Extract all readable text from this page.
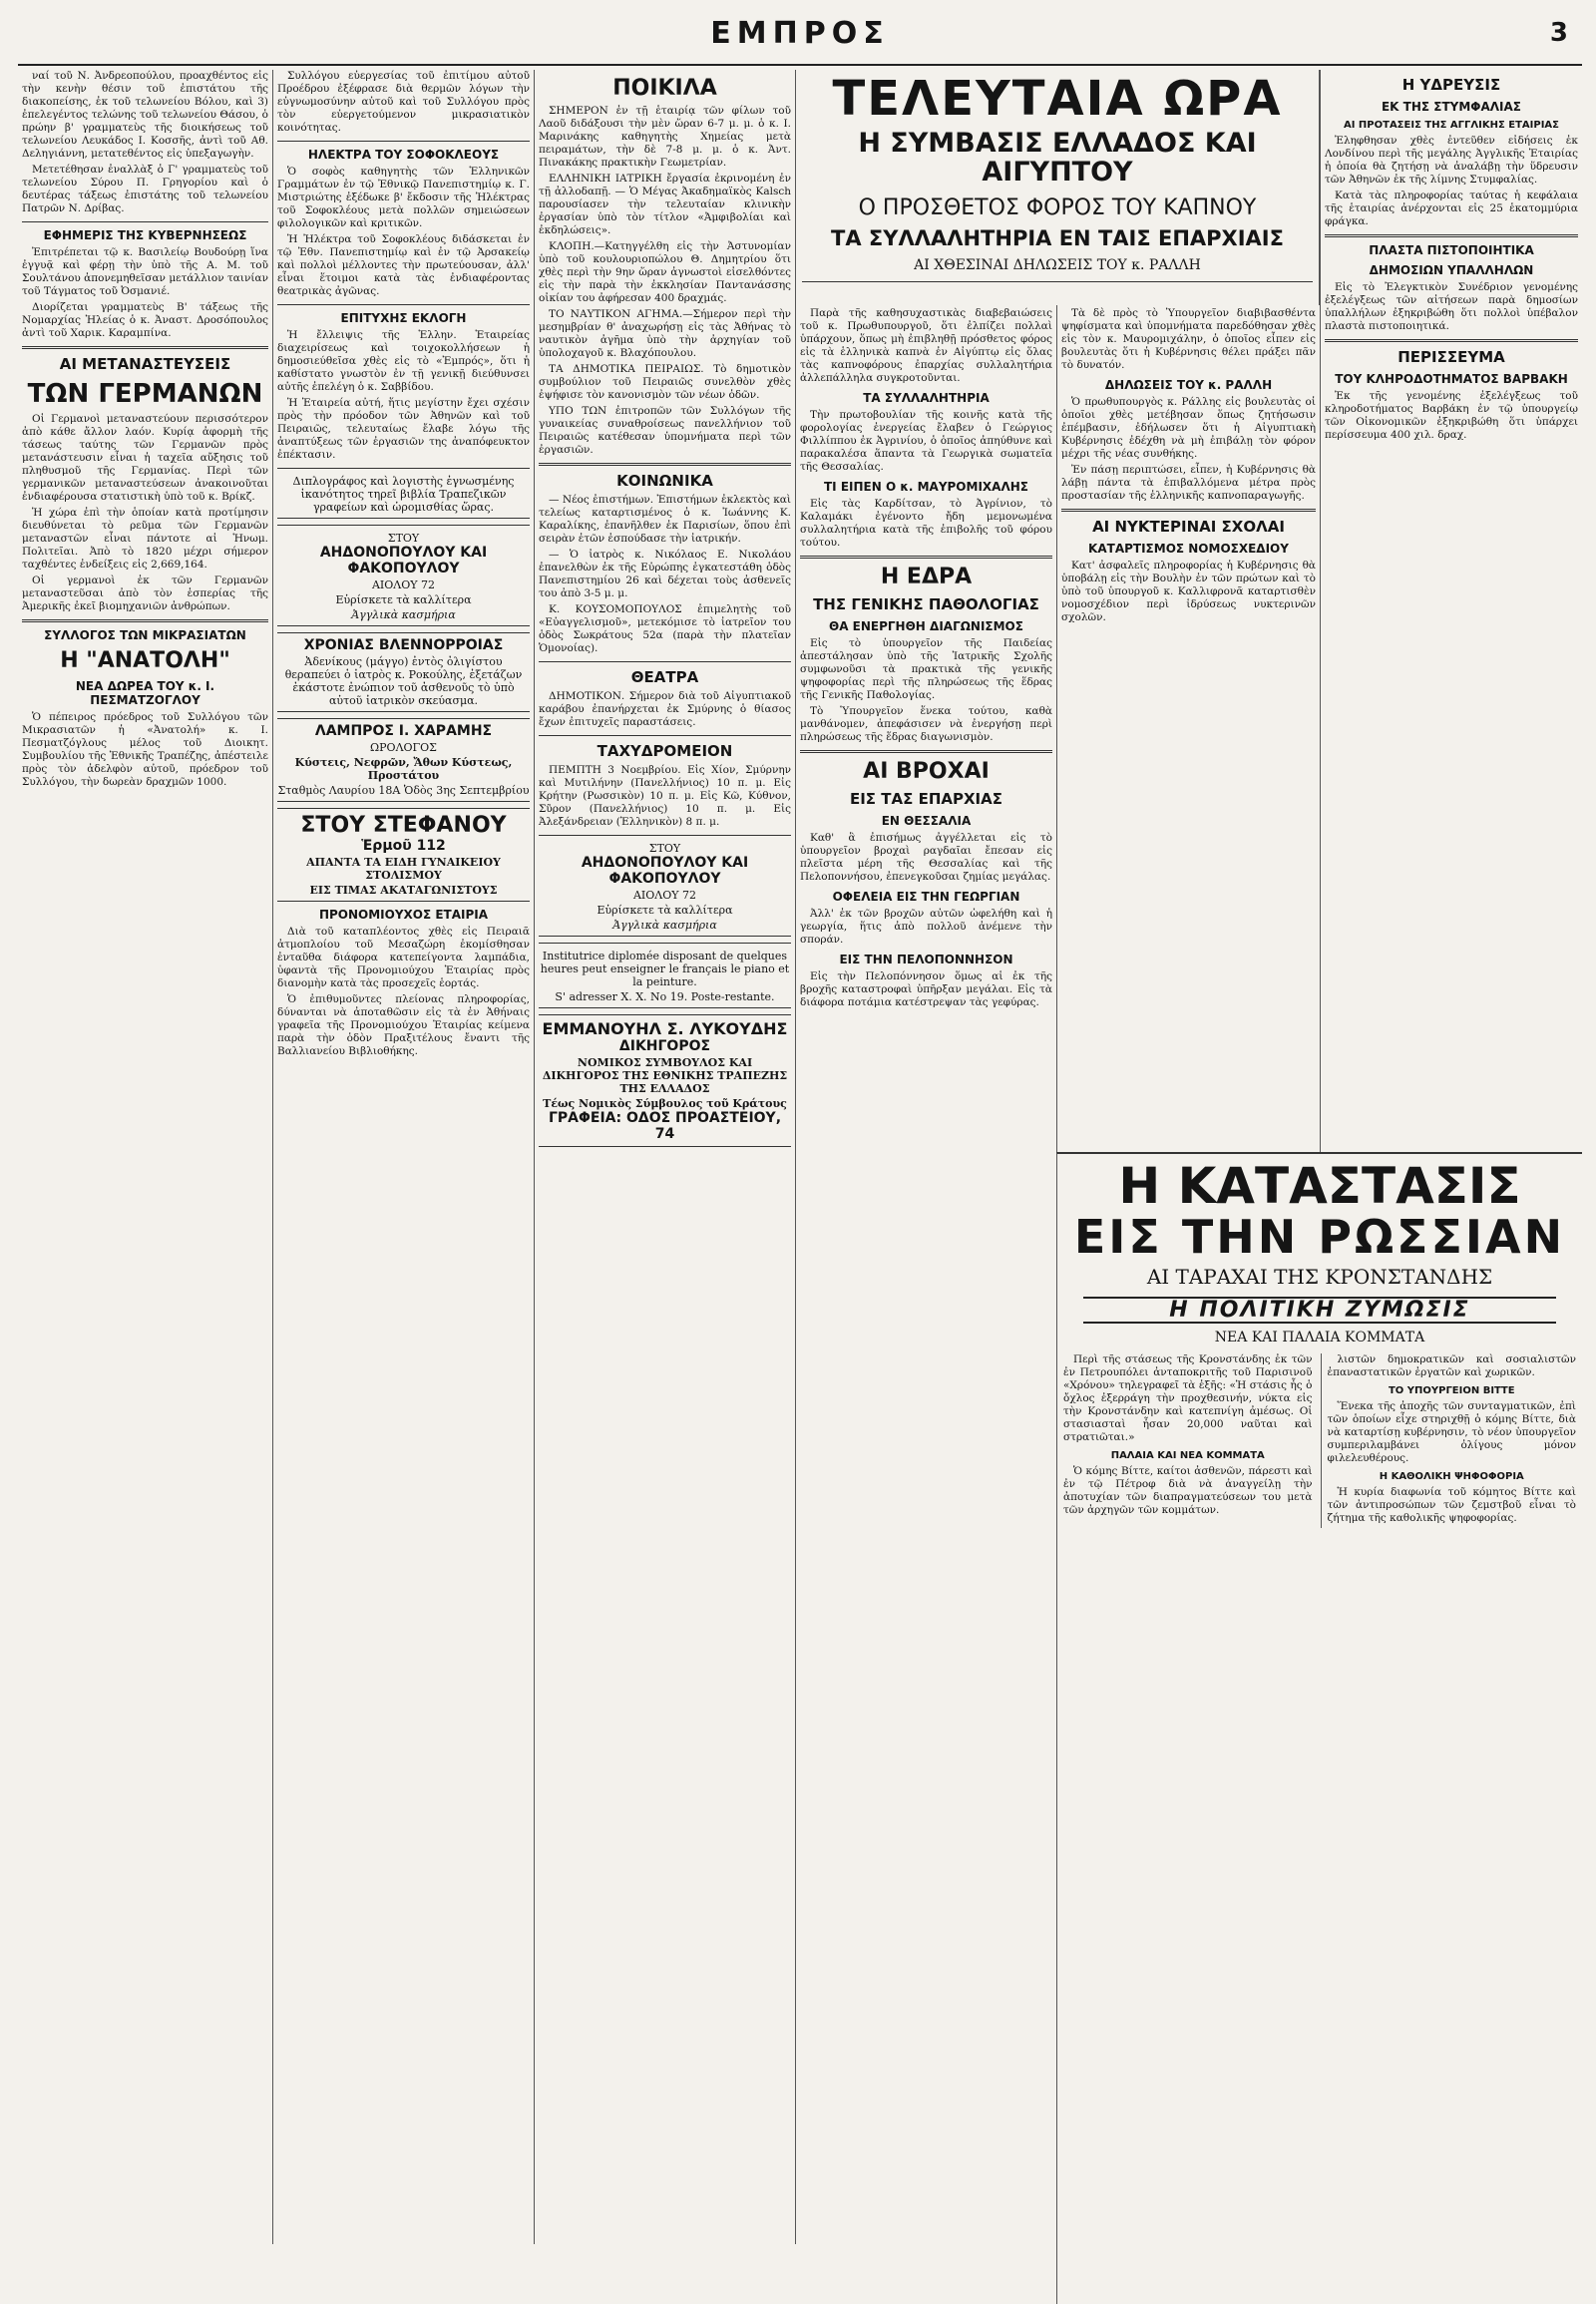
ΕΜΠΡΟΣ	3

ναί τοῦ Ν. Ἀνδρεοπούλου, προαχθέντος εἰς τὴν κενὴν θέσιν τοῦ ἐπιστάτου τῆς διακοπείσης, ἐκ τοῦ τελωνείου Βόλου, καὶ 3) ἐπελεγέντος τελώνης τοῦ τελωνείου Θάσου, ὁ πρώην β' γραμματεὺς τῆς διοικήσεως τοῦ τελωνείου Λευκάδος Ι. Κοσσῆς, ἀντὶ τοῦ Αθ. Δεληγιάννη, μετατεθέντος εἰς ὑπεξαγωγὴν.

Μετετέθησαν ἐναλλὰξ ὁ Γ' γραμματεὺς τοῦ τελωνείου Σύρου Π. Γρηγορίου καὶ ὁ δευτέρας τάξεως ἐπιστάτης τοῦ τελωνείου Πατρῶν Ν. Δρίβας.

ΕΦΗΜΕΡΙΣ ΤΗΣ ΚΥΒΕΡΝΗΣΕΩΣ

Ἐπιτρέπεται τῷ κ. Βασιλείῳ Βουδούρῃ ἵνα ἐγγυᾷ καὶ φέρῃ τὴν ὑπὸ τῆς Α. Μ. τοῦ Σουλτάνου ἀπονεμηθεῖσαν μετάλλιον ταινίαν τοῦ Τάγματος τοῦ Ὀσμανιέ.

Διορίζεται γραμματεὺς Β' τάξεως τῆς Νομαρχίας Ἠλείας ὁ κ. Ἀναστ. Δροσόπουλος ἀντὶ τοῦ Χαρικ. Καραμπίνα.

ΑΙ ΜΕΤΑΝΑΣΤΕΥΣΕΙΣ
ΤΩΝ ΓΕΡΜΑΝΩΝ

Οἱ Γερμανοὶ μεταναστεύουν περισσότερον ἀπὸ κάθε ἄλλον λαόν. Κυρίᾳ ἀφορμὴ τῆς τάσεως ταύτης τῶν Γερμανῶν πρὸς μετανάστευσιν εἶναι ἡ ταχεῖα αὔξησις τοῦ πληθυσμοῦ τῆς Γερμανίας. Περὶ τῶν γερμανικῶν μεταναστεύσεων ἀνακοινοῦται ἐνδιαφέρουσα στατιστικὴ ὑπὸ τοῦ κ. Βρίκζ.

Ἡ χώρα ἐπὶ τὴν ὁποίαν κατὰ προτίμησιν διευθύνεται τὸ ρεῦμα τῶν Γερμανῶν μεταναστῶν εἶναι πάντοτε αἱ Ἡνωμ. Πολιτεῖαι. Ἀπὸ τὸ 1820 μέχρι σήμερον ταχθέντες ἐνδείξεις εἰς 2,669,164.

Οἱ γερμανοὶ ἐκ τῶν Γερμανῶν μεταναστεῦσαι ἀπὸ τὸν ἑσπερίας τῆς Ἀμερικῆς ἐκεῖ βιομηχανιῶν ἀνθρώπων.

ΣΥΛΛΟΓΟΣ ΤΩΝ ΜΙΚΡΑΣΙΑΤΩΝ
Η "ΑΝΑΤΟΛΗ"
ΝΕΑ ΔΩΡΕΑ ΤΟΥ κ. Ι. ΠΕΣΜΑΤΖΟΓΛΟΥ

Ὁ πέπειρος πρόεδρος τοῦ Συλλόγου τῶν Μικρασιατῶν ἡ «Ἀνατολή» κ. Ι. Πεσματζόγλους μέλος τοῦ Διοικητ. Συμβουλίου τῆς Ἐθνικῆς Τραπέζης, ἀπέστειλε πρὸς τὸν ἀδελφὸν αὐτοῦ, πρόεδρον τοῦ Συλλόγου, τὴν δωρεὰν δραχμῶν 1000.

Συλλόγου εὐεργεσίας τοῦ ἐπιτίμου αὐτοῦ Προέδρου ἐξέφρασε διὰ θερμῶν λόγων τὴν εὐγνωμοσύνην αὐτοῦ καὶ τοῦ Συλλόγου πρὸς τὸν εὐεργετούμενον μικρασιατικὸν κοινότητας.

ΗΛΕΚΤΡΑ ΤΟΥ ΣΟΦΟΚΛΕΟΥΣ

Ὁ σοφὸς καθηγητὴς τῶν Ἑλληνικῶν Γραμμάτων ἐν τῷ Ἐθνικῷ Πανεπιστημίῳ κ. Γ. Μιστριώτης ἐξέδωκε β' ἔκδοσιν τῆς Ἠλέκτρας τοῦ Σοφοκλέους μετὰ πολλῶν σημειώσεων φιλολογικῶν καὶ κριτικῶν.

Ἡ Ἠλέκτρα τοῦ Σοφοκλέους διδάσκεται ἐν τῷ Ἐθν. Πανεπιστημίῳ καὶ ἐν τῷ Ἀρσακείῳ καὶ πολλοὶ μέλλοντες τὴν πρωτεύουσαν, ἀλλ' εἶναι ἕτοιμοι κατὰ τὰς ἐνδιαφέροντας θεατρικὰς ἀγῶνας.

ΕΠΙΤΥΧΗΣ ΕΚΛΟΓΗ

Ἡ ἔλλειψις τῆς Ἑλλην. Ἑταιρείας διαχειρίσεως καὶ τοιχοκολλήσεων ἡ δημοσιεύθεῖσα χθὲς εἰς τὸ «Ἐμπρός», ὅτι ἡ καθίστατο γνωστὸν ἐν τῇ γενικῇ διεύθυνσει αὐτῆς ἐπελέγη ὁ κ. Σαββίδου.

Ἡ Ἑταιρεία αὐτή, ἥτις μεγίστην ἔχει σχέσιν πρὸς τὴν πρόοδον τῶν Ἀθηνῶν καὶ τοῦ Πειραιῶς, τελευταίως ἔλαβε λόγω τῆς ἀναπτύξεως τῶν ἐργασιῶν της ἀναπόφευκτον ἐπέκτασιν.

Διπλογράφος καὶ λογιστὴς ἐγνωσμένης ἱκανότητος τηρεῖ βιβλία Τραπεζικῶν γραφείων καὶ ὡρομισθίας ὥρας.
ΣΤΟΥ
ΑΗΔΟΝΟΠΟΥΛΟΥ ΚΑΙ ΦΑΚΟΠΟΥΛΟΥ
ΑΙΟΛΟΥ 72
Εὑρίσκετε τὰ καλλίτερα
Ἀγγλικὰ κασμήρια
ΧΡΟΝΙΑΣ ΒΛΕΝΝΟΡΡΟΙΑΣ
Ἀδενίκους (μάγγο) ἐντὸς ὀλιγίστου θεραπεύει ὁ ἰατρὸς κ. Ροκούλης, ἐξετάζων ἐκάστοτε ἐνώπιον τοῦ ἀσθενοῦς τὸ ὑπὸ αὐτοῦ ἰατρικὸν σκεύασμα.
ΛΑΜΠΡΟΣ Ι. ΧΑΡΑΜΗΣ
ΩΡΟΛΟΓΟΣ
Κύστεις, Νεφρῶν, Ἄθων Κύστεως, Προστάτου
Σταθμὸς Λαυρίου 18Α Ὁδὸς 3ης Σεπτεμβρίου
ΣΤΟΥ ΣΤΕΦΑΝΟΥ
Ἑρμοῦ 112
ΑΠΑΝΤΑ ΤΑ ΕΙΔΗ ΓΥΝΑΙΚΕΙΟΥ ΣΤΟΛΙΣΜΟΥ
ΕΙΣ ΤΙΜΑΣ ΑΚΑΤΑΓΩΝΙΣΤΟΥΣ
ΠΡΟΝΟΜΙΟΥΧΟΣ ΕΤΑΙΡΙΑ

Διὰ τοῦ καταπλέοντος χθὲς εἰς Πειραιᾶ ἀτμοπλοίου τοῦ Μεσαζώρη ἐκομίσθησαν ἐνταῦθα διάφορα κατεπείγοντα λαμπάδια, ὑφαντὰ τῆς Προνομιούχου Ἑταιρίας πρὸς διανομὴν κατὰ τὰς προσεχεῖς ἑορτάς.

Ὁ ἐπιθυμοῦντες πλείονας πληροφορίας, δύνανται νὰ ἀποταθῶσιν εἰς τὰ ἐν Ἀθήναις γραφεῖα τῆς Προνομιούχου Ἑταιρίας κείμενα παρὰ τὴν ὁδὸν Πραξιτέλους ἔναντι τῆς Βαλλιανείου Βιβλιοθήκης.

ΠΟΙΚΙΛΑ

ΣΗΜΕΡΟΝ ἐν τῇ ἑταιρίᾳ τῶν φίλων τοῦ Λαοῦ διδάξουσι τὴν μὲν ὥραν 6-7 μ. μ. ὁ κ. Ι. Μαρινάκης καθηγητὴς Χημείας μετὰ πειραμάτων, τὴν δὲ 7-8 μ. μ. ὁ κ. Ἀντ. Πινακάκης πρακτικὴν Γεωμετρίαν.

ΕΛΛΗΝΙΚΗ ΙΑΤΡΙΚΗ ἔργασία ἐκρινομένη ἐν τῇ ἀλλοδαπῇ. — Ὁ Μέγας Ἀκαδημαϊκὸς Kalsch παρουσίασεν τὴν τελευταίαν κλινικὴν ἐργασίαν ὑπὸ τὸν τίτλον «Ἀμφιβολίαι καὶ ἐκδηλώσεις».

ΚΛΟΠΗ.—Κατηγγέλθη εἰς τὴν Ἀστυνομίαν ὑπὸ τοῦ κουλουριοπώλου Θ. Δημητρίου ὅτι χθὲς περὶ τὴν 9ην ὥραν ἀγνωστοὶ εἰσελθόντες εἰς τὴν παρὰ τὴν ἐκκλησίαν Παντανάσσης οἰκίαν του ἀφήρεσαν 400 δραχμάς.

ΤΟ ΝΑΥΤΙΚΟΝ ΑΓΗΜΑ.—Σήμερον περὶ τὴν μεσημβρίαν θ' ἀναχωρήσῃ εἰς τὰς Ἀθήνας τὸ ναυτικὸν ἀγῆμα ὑπὸ τὴν ἀρχηγίαν τοῦ ὑπολοχαγοῦ κ. Βλαχόπουλου.

ΤΑ ΔΗΜΟΤΙΚΑ ΠΕΙΡΑΙΩΣ. Τὸ δημοτικὸν συμβούλιον τοῦ Πειραιῶς συνελθὸν χθὲς ἐψήφισε τὸν κανονισμὸν τῶν νέων ὁδῶν.

ΥΠΟ ΤΩΝ ἐπιτροπῶν τῶν Συλλόγων τῆς γυναικείας συναθροίσεως πανελλήνιον τοῦ Πειραιῶς κατέθεσαν ὑπομνήματα περὶ τῶν ἐργασιῶν.

ΚΟΙΝΩΝΙΚΑ

— Νέος ἐπιστήμων. Ἐπιστήμων ἐκλεκτὸς καὶ τελείως καταρτισμένος ὁ κ. Ἰωάννης Κ. Καραλίκης, ἐπανῆλθεν ἐκ Παρισίων, ὅπου ἐπὶ σειρὰν ἐτῶν ἐσπούδασε τὴν ἰατρικήν.

— Ὁ ἰατρὸς κ. Νικόλαος Ε. Νικολάου ἐπανελθὼν ἐκ τῆς Εὐρώπης ἐγκατεστάθη ὁδὸς Πανεπιστημίου 26 καὶ δέχεται τοὺς ἀσθενεῖς του ἀπὸ 3-5 μ. μ.

Κ. ΚΟΥΣΟΜΟΠΟΥΛΟΣ ἐπιμελητὴς τοῦ «Εὐαγγελισμοῦ», μετεκόμισε τὸ ἰατρεῖον του ὁδὸς Σωκράτους 52α (παρὰ τὴν πλατεῖαν Ὁμονοίας).

ΘΕΑΤΡΑ

ΔΗΜΟΤΙΚΟΝ. Σήμερον διὰ τοῦ Αἰγυπτιακοῦ καράβου ἐπανήρχεται ἐκ Σμύρνης ὁ θίασος ἔχων ἐπιτυχεῖς παραστάσεις.

ΤΑΧΥΔΡΟΜΕΙΟΝ

ΠΕΜΠΤΗ 3 Νοεμβρίου. Εἰς Χίον, Σμύρνην καὶ Μυτιλήνην (Πανελλήνιος) 10 π. μ. Εἰς Κρήτην (Ρωσσικὸν) 10 π. μ. Εἰς Κῶ, Κύθνον, Σῦρον (Πανελλήνιος) 10 π. μ. Εἰς Ἀλεξάνδρειαν (Ἑλληνικὸν) 8 π. μ.

ΣΤΟΥ
ΑΗΔΟΝΟΠΟΥΛΟΥ ΚΑΙ ΦΑΚΟΠΟΥΛΟΥ
ΑΙΟΛΟΥ 72
Εὑρίσκετε τὰ καλλίτερα
Ἀγγλικὰ κασμήρια
Institutrice diplomée disposant de quelques heures peut enseigner le français le piano et la peinture.
S' adresser X. X. No 19. Poste-restante.
ΕΜΜΑΝΟΥΗΛ Σ. ΛΥΚΟΥΔΗΣ
ΔΙΚΗΓΟΡΟΣ
ΝΟΜΙΚΟΣ ΣΥΜΒΟΥΛΟΣ ΚΑΙ ΔΙΚΗΓΟΡΟΣ ΤΗΣ ΕΘΝΙΚΗΣ ΤΡΑΠΕΖΗΣ ΤΗΣ ΕΛΛΑΔΟΣ
Τέως Νομικὸς Σύμβουλος τοῦ Κράτους
ΓΡΑΦΕΙΑ: ΟΔΟΣ ΠΡΟΑΣΤΕΙΟΥ, 74

Παρὰ τῆς καθησυχαστικὰς διαβεβαιώσεις τοῦ κ. Πρωθυπουργοῦ, ὅτι ἐλπίζει πολλαὶ ὑπάρχουν, ὅπως μὴ ἐπιβληθῇ πρόσθετος φόρος εἰς τὰ ἑλληνικὰ καπνὰ ἐν Αἰγύπτῳ εἰς ὅλας τὰς καπνοφόρους ἐπαρχίας συλλαλητήρια ἀλλεπάλληλα συγκροτοῦνται.

ΤΑ ΣΥΛΛΑΛΗΤΗΡΙΑ

Τὴν πρωτοβουλίαν τῆς κοινῆς κατὰ τῆς φορολογίας ἐνεργείας ἔλαβεν ὁ Γεώργιος Φιλλίππου ἐκ Ἀγρινίου, ὁ ὁποῖος ἀπηύθυνε καὶ παρακαλέσα ἅπαντα τὰ Γεωργικὰ σωματεῖα τῆς Θεσσαλίας.

ΤΙ ΕΙΠΕΝ Ο κ. ΜΑΥΡΟΜΙΧΑΛΗΣ

Εἰς τὰς Καρδίτσαν, τὸ Ἀγρίνιον, τὸ Καλαμάκι ἐγένοντο ἤδη μεμονωμένα συλλαλητήρια κατὰ τῆς ἐπιβολῆς τοῦ φόρου τούτου.

Η ΕΔΡΑ
ΤΗΣ ΓΕΝΙΚΗΣ ΠΑΘΟΛΟΓΙΑΣ
ΘΑ ΕΝΕΡΓΗΘΗ ΔΙΑΓΩΝΙΣΜΟΣ

Εἰς τὸ ὑπουργεῖον τῆς Παιδείας ἀπεστάλησαν ὑπὸ τῆς Ἰατρικῆς Σχολῆς συμφωνοῦσι τὰ πρακτικὰ τῆς γενικῆς ψηφοφορίας περὶ τῆς πληρώσεως τῆς ἕδρας τῆς Γενικῆς Παθολογίας.

Τὸ Ὑπουργεῖον ἕνεκα τούτου, καθὰ μανθάνομεν, ἀπεφάσισεν νὰ ἐνεργήσῃ περὶ πληρώσεως τῆς ἕδρας διαγωνισμὸν.

ΑΙ ΒΡΟΧΑΙ
ΕΙΣ ΤΑΣ ΕΠΑΡΧΙΑΣ
ΕΝ ΘΕΣΣΑΛΙΑ

Καθ' ἃ ἐπισήμως ἀγγέλλεται εἰς τὸ ὑπουργεῖον βροχαὶ ραγδαῖαι ἔπεσαν εἰς πλεῖστα μέρη τῆς Θεσσαλίας καὶ τῆς Πελοποννήσου, ἐπενεγκοῦσαι ζημίας μεγάλας.

ΟΦΕΛΕΙΑ ΕΙΣ ΤΗΝ ΓΕΩΡΓΙΑΝ

Ἀλλ' ἐκ τῶν βροχῶν αὐτῶν ὠφελήθη καὶ ἡ γεωργία, ἥτις ἀπὸ πολλοῦ ἀνέμενε τὴν σποράν.

ΕΙΣ ΤΗΝ ΠΕΛΟΠΟΝΝΗΣΟΝ

Εἰς τὴν Πελοπόννησον ὅμως αἱ ἐκ τῆς βροχῆς καταστροφαὶ ὑπῆρξαν μεγάλαι. Εἰς τὰ διάφορα ποτάμια κατέστρεψαν τὰς γεφύρας.

Τὰ δὲ πρὸς τὸ Ὑπουργεῖον διαβιβασθέντα ψηφίσματα καὶ ὑπομνήματα παρεδόθησαν χθὲς εἰς τὸν κ. Μαυρομιχάλην, ὁ ὁποῖος εἶπεν εἰς βουλευτὰς ὅτι ἡ Κυβέρνησις θέλει πράξει πᾶν τὸ δυνατόν.

ΔΗΛΩΣΕΙΣ ΤΟΥ κ. ΡΑΛΛΗ

Ὁ πρωθυπουργὸς κ. Ράλλης εἰς βουλευτὰς οἱ ὁποῖοι χθὲς μετέβησαν ὅπως ζητήσωσιν ἐπέμβασιν, ἐδήλωσεν ὅτι ἡ Αἰγυπτιακὴ Κυβέρνησις ἐδέχθη νὰ μὴ ἐπιβάλῃ τὸν φόρον μέχρι τῆς νέας συνθήκης.

Ἐν πάσῃ περιπτώσει, εἶπεν, ἡ Κυβέρνησις θὰ λάβῃ πάντα τὰ ἐπιβαλλόμενα μέτρα πρὸς προστασίαν τῆς ἑλληνικῆς καπνοπαραγωγῆς.

ΑΙ ΝΥΚΤΕΡΙΝΑΙ ΣΧΟΛΑΙ
ΚΑΤΑΡΤΙΣΜΟΣ ΝΟΜΟΣΧΕΔΙΟΥ

Κατ' ἀσφαλεῖς πληροφορίας ἡ Κυβέρνησις θὰ ὑποβάλῃ εἰς τὴν Βουλὴν ἐν τῶν πρώτων καὶ τὸ ὑπὸ τοῦ ὑπουργοῦ κ. Καλλιφρονᾶ καταρτισθὲν νομοσχέδιον περὶ ἱδρύσεως νυκτερινῶν σχολῶν.

Η ΥΔΡΕΥΣΙΣ
ΕΚ ΤΗΣ ΣΤΥΜΦΑΛΙΑΣ
ΑΙ ΠΡΟΤΑΣΕΙΣ ΤΗΣ ΑΓΓΛΙΚΗΣ ΕΤΑΙΡΙΑΣ

Ἐληφθησαν χθὲς ἐντεῦθεν εἰδήσεις ἐκ Λονδίνου περὶ τῆς μεγάλης Ἀγγλικῆς Ἑταιρίας ἡ ὁποία θὰ ζητήσῃ νὰ ἀναλάβῃ τὴν ὕδρευσιν τῶν Ἀθηνῶν ἐκ τῆς λίμνης Στυμφαλίας.

Κατὰ τὰς πληροφορίας ταύτας ἡ κεφάλαια τῆς ἑταιρίας ἀνέρχονται εἰς 25 ἑκατομμύρια φράγκα.

ΠΛΑΣΤΑ ΠΙΣΤΟΠΟΙΗΤΙΚΑ
ΔΗΜΟΣΙΩΝ ΥΠΑΛΛΗΛΩΝ

Εἰς τὸ Ἐλεγκτικὸν Συνέδριον γενομένης ἐξελέγξεως τῶν αἰτήσεων παρὰ δημοσίων ὑπαλλήλων ἐξηκριβώθη ὅτι πολλοὶ ὑπέβαλον πλαστὰ πιστοποιητικά.

ΠΕΡΙΣΣΕΥΜΑ
ΤΟΥ ΚΛΗΡΟΔΟΤΗΜΑΤΟΣ ΒΑΡΒΑΚΗ

Ἐκ τῆς γενομένης ἐξελέγξεως τοῦ κληροδοτήματος Βαρβάκη ἐν τῷ ὑπουργείῳ τῶν Οἰκονομικῶν ἐξηκριβώθη ὅτι ὑπάρχει περίσσευμα 400 χιλ. δραχ.

ΤΕΛΕΥΤΑΙΑ ΩΡΑ
Η ΣΥΜΒΑΣΙΣ ΕΛΛΑΔΟΣ ΚΑΙ ΑΙΓΥΠΤΟΥ
Ο ΠΡΟΣΘΕΤΟΣ ΦΟΡΟΣ ΤΟΥ ΚΑΠΝΟΥ
ΤΑ ΣΥΛΛΑΛΗΤΗΡΙΑ ΕΝ ΤΑΙΣ ΕΠΑΡΧΙΑΙΣ
ΑΙ ΧΘΕΣΙΝΑΙ ΔΗΛΩΣΕΙΣ ΤΟΥ κ. ΡΑΛΛΗ
Η ΚΑΤΑΣΤΑΣΙΣ
ΕΙΣ ΤΗΝ ΡΩΣΣΙΑΝ
ΑΙ ΤΑΡΑΧΑΙ ΤΗΣ ΚΡΟΝΣΤΑΝΔΗΣ
Η ΠΟΛΙΤΙΚΗ ΖΥΜΩΣΙΣ
ΝΕΑ ΚΑΙ ΠΑΛΑΙΑ ΚΟΜΜΑΤΑ

Περὶ τῆς στάσεως τῆς Κρονστάνδης ἐκ τῶν ἐν Πετρουπόλει ἀνταποκριτῆς τοῦ Παρισινοῦ «Χρόνου» τηλεγραφεῖ τὰ ἑξῆς: «Ἡ στάσις ἧς ὁ ὄχλος ἐξερράγη τὴν προχθεσινήν, νύκτα εἰς τὴν Κρονστάνδην καὶ κατεπνίγη ἀμέσως. Οἱ στασιασταὶ ἦσαν 20,000 ναῦται καὶ στρατιῶται.»

ΠΑΛΑΙΑ ΚΑΙ ΝΕΑ ΚΟΜΜΑΤΑ

Ὁ κόμης Βίττε, καίτοι ἀσθενῶν, πάρεστι καὶ ἐν τῷ Πέτροφ διὰ νὰ ἀναγγείλῃ τὴν ἀποτυχίαν τῶν διαπραγματεύσεων του μετὰ τῶν ἀρχηγῶν τῶν κομμάτων.

λιστῶν δημοκρατικῶν καὶ σοσιαλιστῶν ἐπαναστατικῶν ἐργατῶν καὶ χωρικῶν.

ΤΟ ΥΠΟΥΡΓΕΙΟΝ ΒΙΤΤΕ

Ἕνεκα τῆς ἀποχῆς τῶν συνταγματικῶν, ἐπὶ τῶν ὁποίων εἶχε στηριχθῇ ὁ κόμης Βίττε, διὰ νὰ καταρτίσῃ κυβέρνησιν, τὸ νέον ὑπουργεῖον συμπεριλαμβάνει ὀλίγους μόνον φιλελευθέρους.

Η ΚΑΘΟΛΙΚΗ ΨΗΦΟΦΟΡΙΑ

Ἡ κυρία διαφωνία τοῦ κόμητος Βίττε καὶ τῶν ἀντιπροσώπων τῶν ζεμστβοῦ εἶναι τὸ ζήτημα τῆς καθολικῆς ψηφοφορίας.
